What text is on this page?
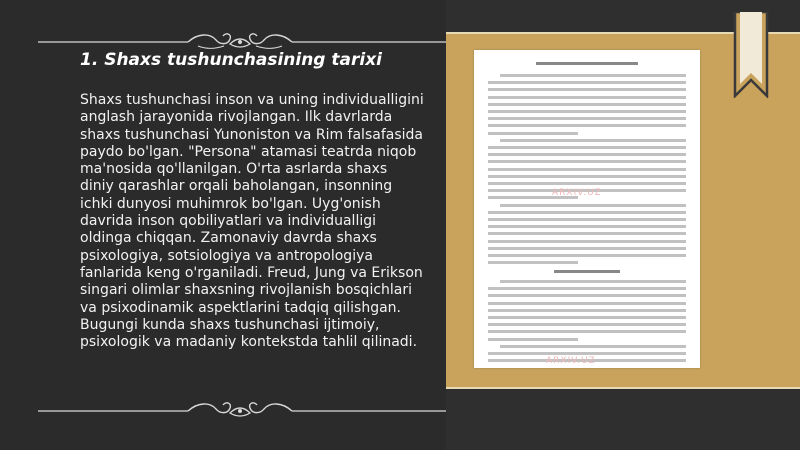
1. Shaxs tushunchasining tarixi

Shaxs tushunchasi inson va uning individualligini anglash jarayonida rivojlangan. Ilk davrlarda shaxs tushunchasi Yunoniston va Rim falsafasida paydo bo'lgan. "Persona" atamasi teatrda niqob ma'nosida qo'llanilgan. O'rta asrlarda shaxs diniy qarashlar orqali baholangan, insonning ichki dunyosi muhimrok bo'lgan. Uyg'onish davrida inson qobiliyatlari va individualligi oldinga chiqqan. Zamonaviy davrda shaxs psixologiya, sotsiologiya va antropologiya fanlarida keng o'rganiladi. Freud, Jung va Erikson singari olimlar shaxsning rivojlanish bosqichlari va psixodinamik aspektlarini tadqiq qilishgan. Bugungi kunda shaxs tushunchasi ijtimoiy, psixologik va madaniy kontekstda tahlil qilinadi.

ARXIV.UZ
ARXIV.UZ
